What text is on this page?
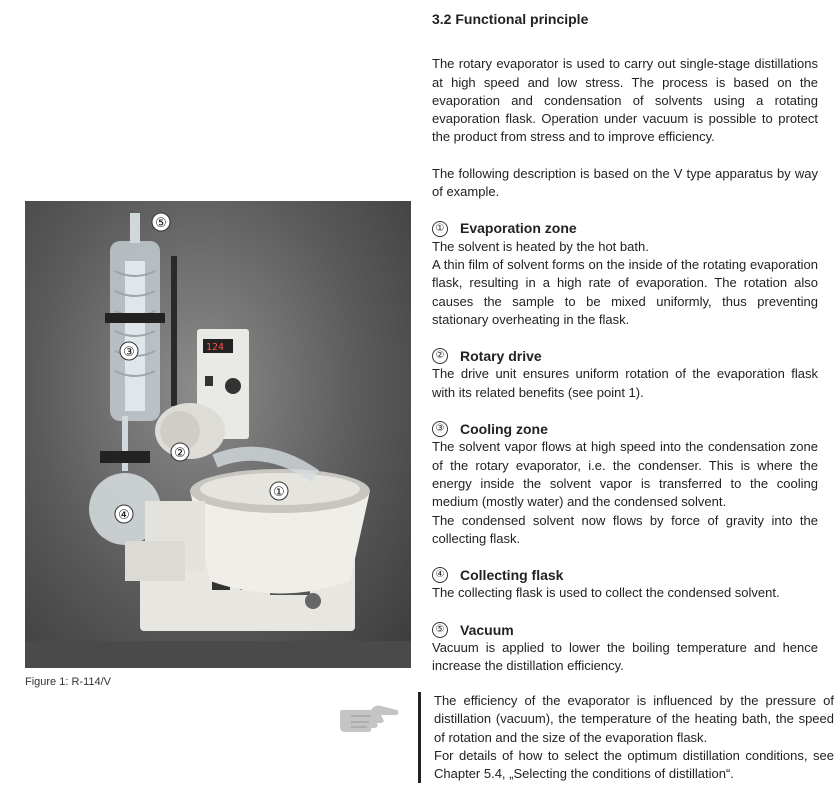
124
①
②
③
④
⑤
Figure 1: R-114/V
3.2 Functional principle

The rotary evaporator is used to carry out single-stage distillations at high speed and low stress. The process is based on the evaporation and condensation of solvents using a rotating evaporation flask. Operation under vacuum is possible to protect the product from stress and to improve efficiency.

The following description is based on the V type apparatus by way of example.

① Evaporation zone

The solvent is heated by the hot bath.

A thin film of solvent forms on the inside of the rotating evaporation flask, resulting in a high rate of evaporation. The rotation also causes the sample to be mixed uniformly, thus preventing stationary overheating in the flask.

② Rotary drive

The drive unit ensures uniform rotation of the evaporation flask with its related benefits (see point 1).

③ Cooling zone

The solvent vapor flows at high speed into the condensation zone of the rotary evaporator, i.e. the condenser. This is where the energy inside the solvent vapor is transferred to the cooling medium (mostly water) and the condensed solvent.

The condensed solvent now flows by force of gravity into the collecting flask.

④ Collecting flask

The collecting flask is used to collect the condensed solvent.

⑤ Vacuum

Vacuum is applied to lower the boiling temperature and hence increase the distillation efficiency.

The efficiency of the evaporator is influenced by the pressure of distillation (vacuum), the temperature of the heating bath, the speed of rotation and the size of the evaporation flask.

For details of how to select the optimum distillation conditions, see Chapter 5.4, „Selecting the conditions of distillation“.
